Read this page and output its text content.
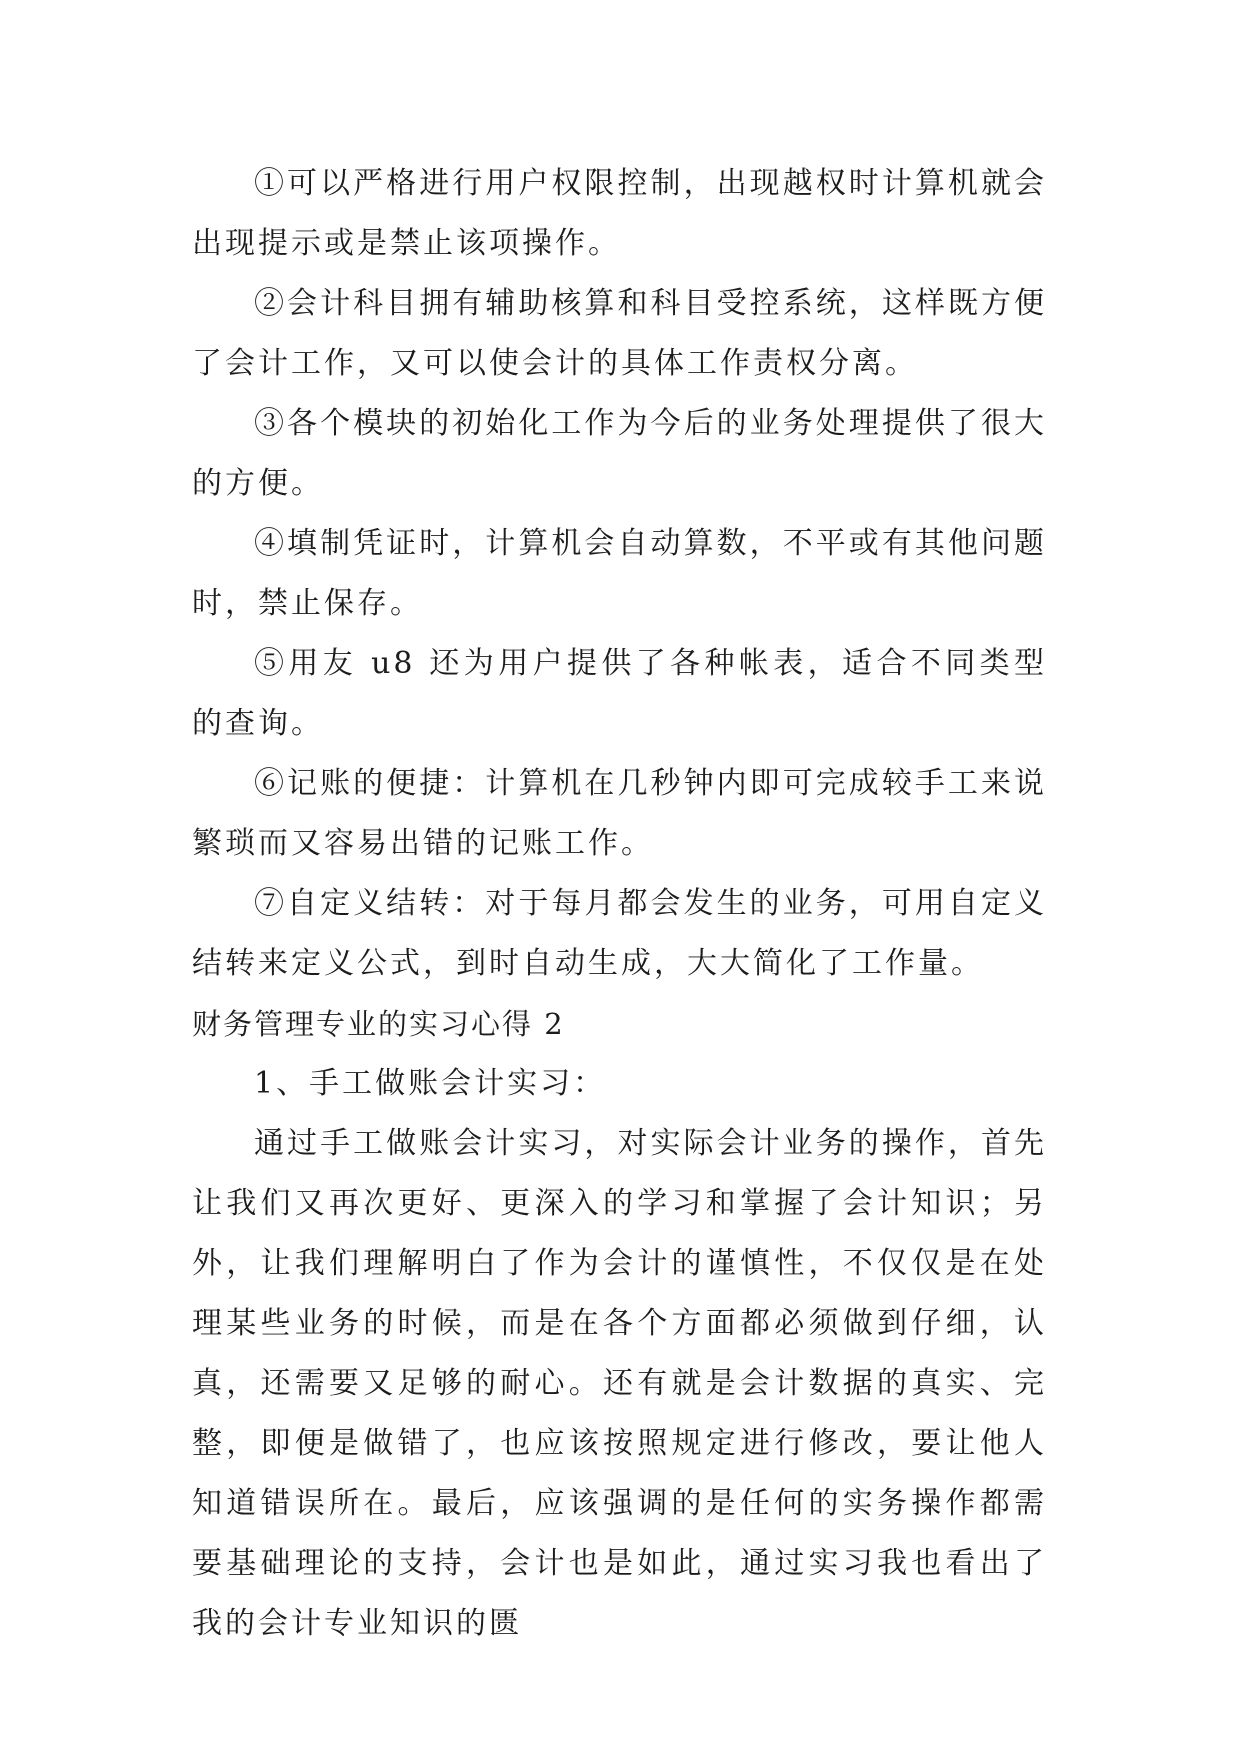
①可以严格进行用户权限控制，出现越权时计算机就会出现提示或是禁止该项操作。

②会计科目拥有辅助核算和科目受控系统，这样既方便了会计工作，又可以使会计的具体工作责权分离。

③各个模块的初始化工作为今后的业务处理提供了很大的方便。

④填制凭证时，计算机会自动算数，不平或有其他问题时，禁止保存。

⑤用友 u8 还为用户提供了各种帐表，适合不同类型的查询。

⑥记账的便捷：计算机在几秒钟内即可完成较手工来说繁琐而又容易出错的记账工作。

⑦自定义结转：对于每月都会发生的业务，可用自定义结转来定义公式，到时自动生成，大大简化了工作量。

财务管理专业的实习心得 2

1、手工做账会计实习：

通过手工做账会计实习，对实际会计业务的操作，首先让我们又再次更好、更深入的学习和掌握了会计知识；另外，让我们理解明白了作为会计的谨慎性，不仅仅是在处理某些业务的时候，而是在各个方面都必须做到仔细，认真，还需要又足够的耐心。还有就是会计数据的真实、完整，即便是做错了，也应该按照规定进行修改，要让他人知道错误所在。最后，应该强调的是任何的实务操作都需要基础理论的支持，会计也是如此，通过实习我也看出了我的会计专业知识的匮
